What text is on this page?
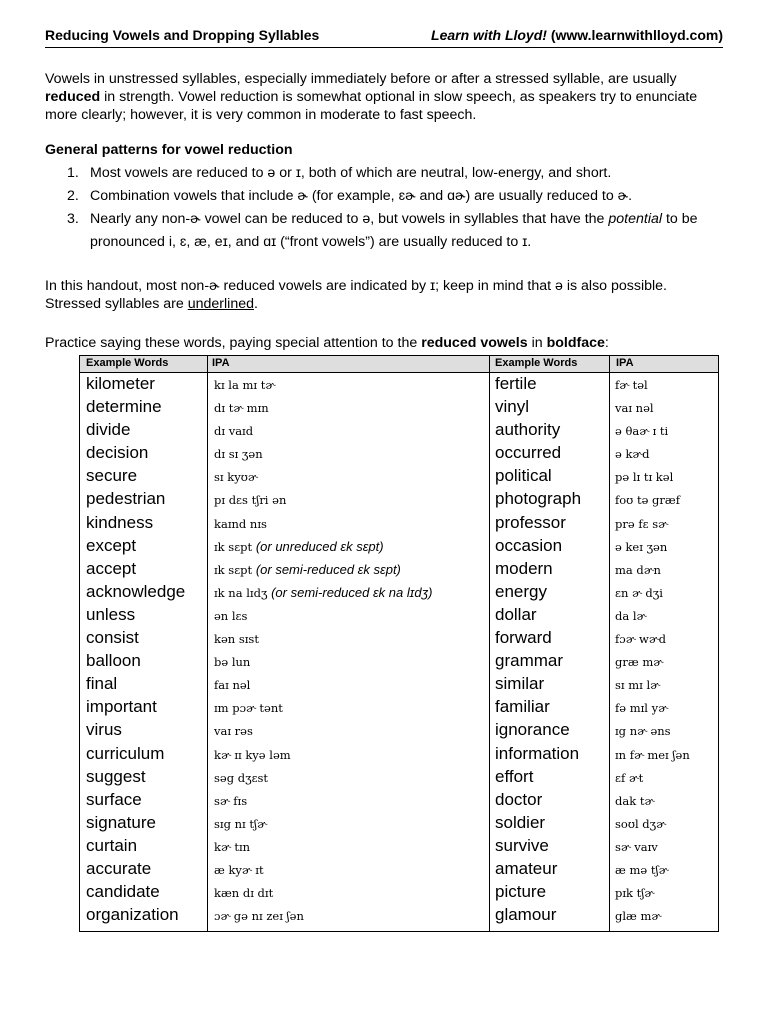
Reducing Vowels and Dropping Syllables	Learn with Lloyd! (www.learnwithlloyd.com)
Vowels in unstressed syllables, especially immediately before or after a stressed syllable, are usually reduced in strength. Vowel reduction is somewhat optional in slow speech, as speakers try to enunciate more clearly; however, it is very common in moderate to fast speech.
General patterns for vowel reduction
1. Most vowels are reduced to ə or ɪ, both of which are neutral, low-energy, and short.
2. Combination vowels that include ɚ (for example, ɛɚ and ɑɚ) are usually reduced to ɚ.
3. Nearly any non-ɚ vowel can be reduced to ə, but vowels in syllables that have the potential to be pronounced i, ɛ, æ, eɪ, and ɑɪ (“front vowels”) are usually reduced to ɪ.
In this handout, most non-ɚ reduced vowels are indicated by ɪ; keep in mind that ə is also possible.
Stressed syllables are underlined.
Practice saying these words, paying special attention to the reduced vowels in boldface:
Example Words	IPA	Example Words	IPA
kilometer	kɪ la mɪ tɚ	fertile	fɚ təl
determine	dɪ tɚ mɪn	vinyl	vaɪ nəl
divide	dɪ vaɪd	authority	ə θaɚ ɪ ti
decision	dɪ sɪ ʒən	occurred	ə kɚd
secure	sɪ kyʊɚ	political	pə lɪ tɪ kəl
pedestrian	pɪ dɛs tʃri ən	photograph	foʊ tə græf
kindness	kaɪnd nɪs	professor	prə fɛ sɚ
except	ɪk sɛpt (or unreduced ɛk sɛpt)	occasion	ə keɪ ʒən
accept	ɪk sɛpt (or semi-reduced ɛk sɛpt)	modern	ma dɚn
acknowledge	ɪk na lɪdʒ (or semi-reduced ɛk na lɪdʒ)	energy	ɛn ɚ dʒi
unless	ən lɛs	dollar	da lɚ
consist	kən sɪst	forward	fɔɚ wɚd
balloon	bə lun	grammar	græ mɚ
final	faɪ nəl	similar	sɪ mɪ lɚ
important	ɪm pɔɚ tənt	familiar	fə mɪl yɚ
virus	vaɪ rəs	ignorance	ɪg nɚ əns
curriculum	kɚ ɪɪ kyə ləm	information	ɪn fɚ meɪ ʃən
suggest	səg dʒɛst	effort	ɛf ɚt
surface	sɚ fɪs	doctor	dak tɚ
signature	sɪg nɪ tʃɚ	soldier	soʊl dʒɚ
curtain	kɚ tɪn	survive	sɚ vaɪv
accurate	æ kyɚ ɪt	amateur	æ mə tʃɚ
candidate	kæn dɪ dɪt	picture	pɪk tʃɚ
organization	ɔɚ gə nɪ zeɪ ʃən	glamour	glæ mɚ
